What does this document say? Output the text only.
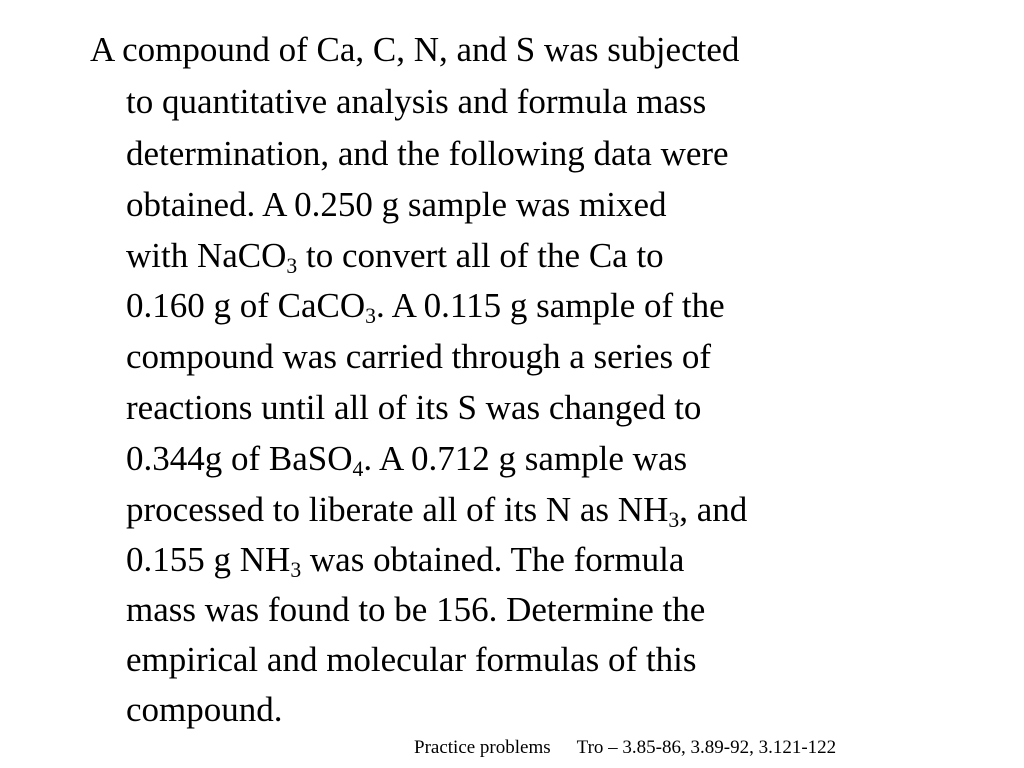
A compound of Ca, C, N, and S was subjected
to quantitative analysis and formula mass
determination, and the following data were
obtained. A 0.250 g sample was mixed
with NaCO$_3$ to convert all of the Ca to
0.160 g of CaCO$_3$. A 0.115 g sample of the
compound was carried through a series of
reactions until all of its S was changed to
0.344g of BaSO$_4$. A 0.712 g sample was
processed to liberate all of its N as $NH_3$, and
0.155 g $NH_3$ was obtained. The formula
mass was found to be 156. Determine the
empirical and molecular formulas of this
compound.
Practice problems Tro – 3.85-86, 3.89-92, 3.121-122
